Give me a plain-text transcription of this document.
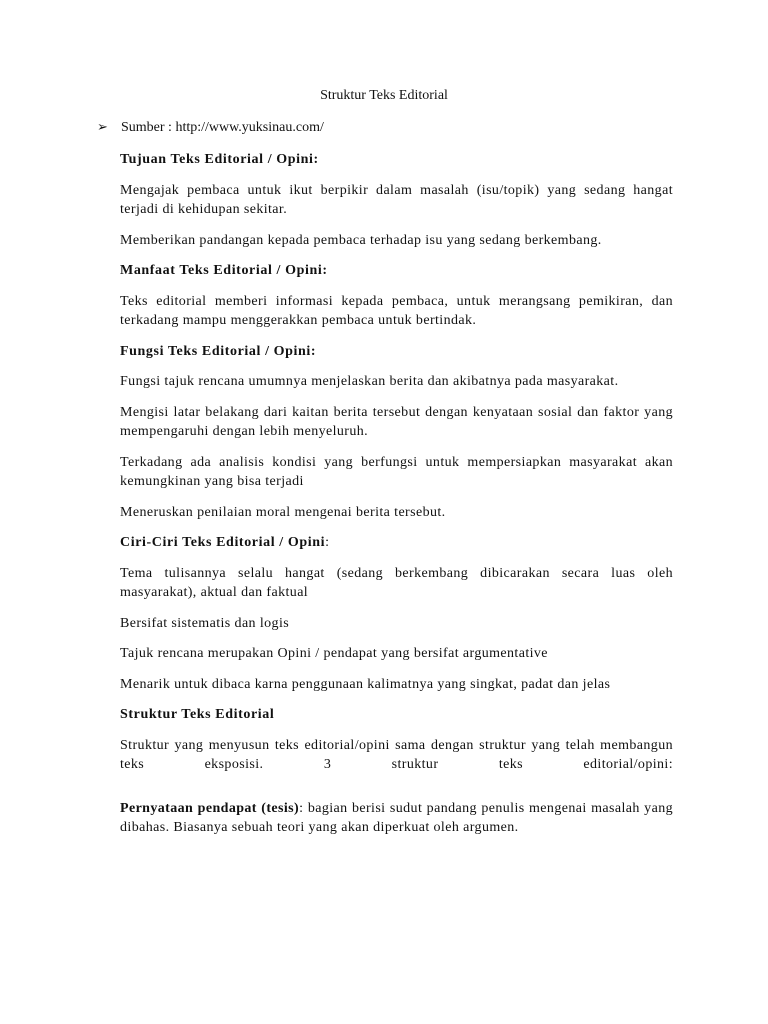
Struktur Teks Editorial
➢ Sumber : http://www.yuksinau.com/
Tujuan Teks Editorial / Opini:

Mengajak pembaca untuk ikut berpikir dalam masalah (isu/topik) yang sedang hangat terjadi di kehidupan sekitar.

Memberikan pandangan kepada pembaca terhadap isu yang sedang berkembang.

Manfaat Teks Editorial / Opini:

Teks editorial memberi informasi kepada pembaca, untuk merangsang pemikiran, dan terkadang mampu menggerakkan pembaca untuk bertindak.

Fungsi Teks Editorial / Opini:

Fungsi tajuk rencana umumnya menjelaskan berita dan akibatnya pada masyarakat.

Mengisi latar belakang dari kaitan berita tersebut dengan kenyataan sosial dan faktor yang mempengaruhi dengan lebih menyeluruh.

Terkadang ada analisis kondisi yang berfungsi untuk mempersiapkan masyarakat akan kemungkinan yang bisa terjadi

Meneruskan penilaian moral mengenai berita tersebut.

Ciri-Ciri Teks Editorial / Opini:

Tema tulisannya selalu hangat (sedang berkembang dibicarakan secara luas oleh masyarakat), aktual dan faktual

Bersifat sistematis dan logis

Tajuk rencana merupakan Opini / pendapat yang bersifat argumentative

Menarik untuk dibaca karna penggunaan kalimatnya yang singkat, padat dan jelas

Struktur Teks Editorial

Struktur yang menyusun teks editorial/opini sama dengan struktur yang telah membangun teks eksposisi. 3 struktur teks editorial/opini:

Pernyataan pendapat (tesis): bagian berisi sudut pandang penulis mengenai masalah yang dibahas. Biasanya sebuah teori yang akan diperkuat oleh argumen.
